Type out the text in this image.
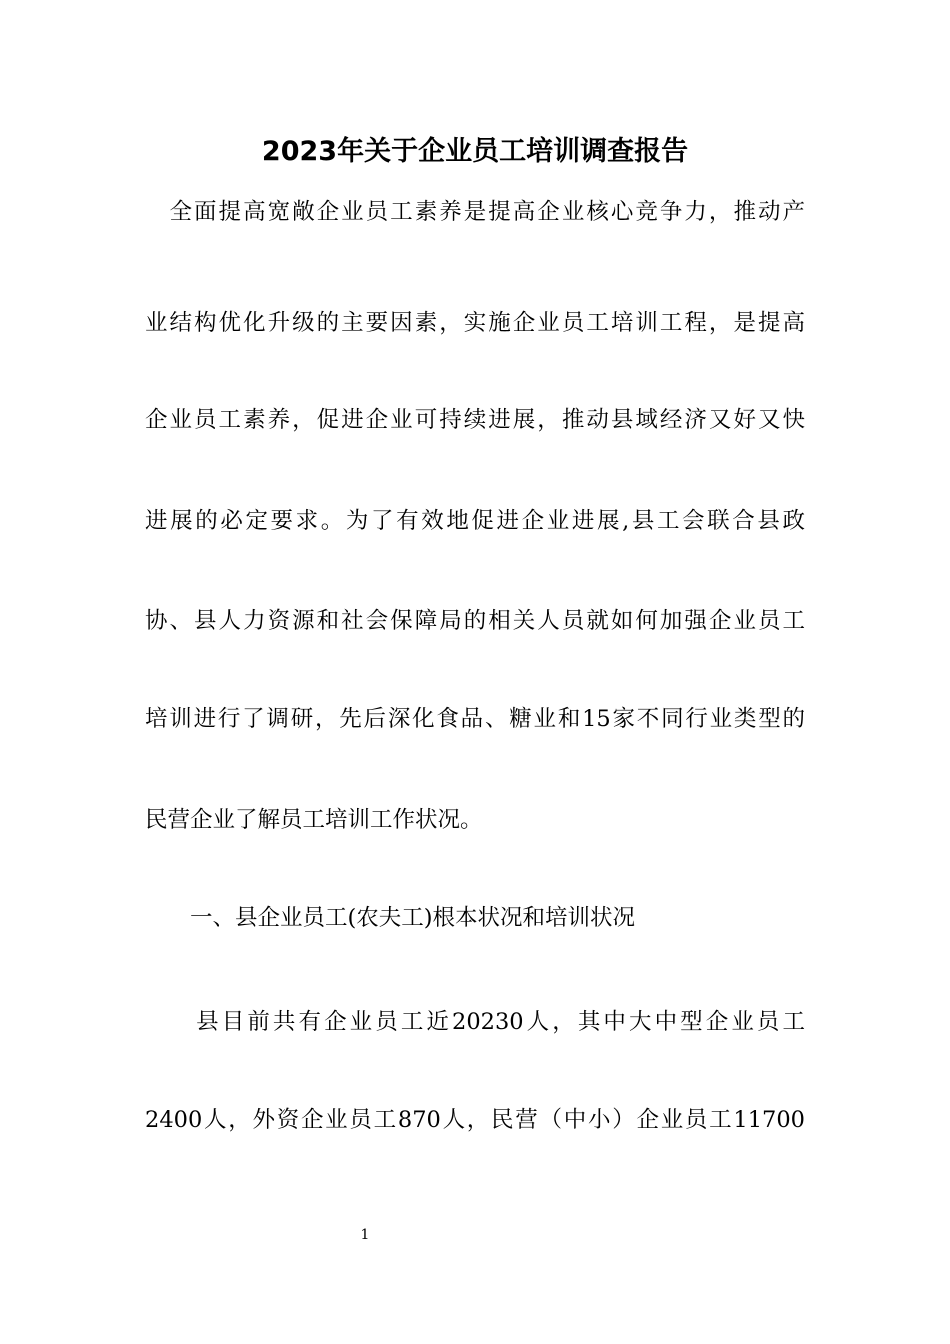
2023年关于企业员工培训调查报告
　全面提高宽敞企业员工素养是提高企业核心竞争力，推动产
业结构优化升级的主要因素，实施企业员工培训工程，是提高
企业员工素养，促进企业可持续进展，推动县域经济又好又快
进展的必定要求。为了有效地促进企业进展,县工会联合县政
协、县人力资源和社会保障局的相关人员就如何加强企业员工
培训进行了调研，先后深化食品、糖业和15家不同行业类型的
民营企业了解员工培训工作状况。
　　一、县企业员工(农夫工)根本状况和培训状况
　　县目前共有企业员工近20230人，其中大中型企业员工
2400人，外资企业员工870人，民营（中小）企业员工11700
1
